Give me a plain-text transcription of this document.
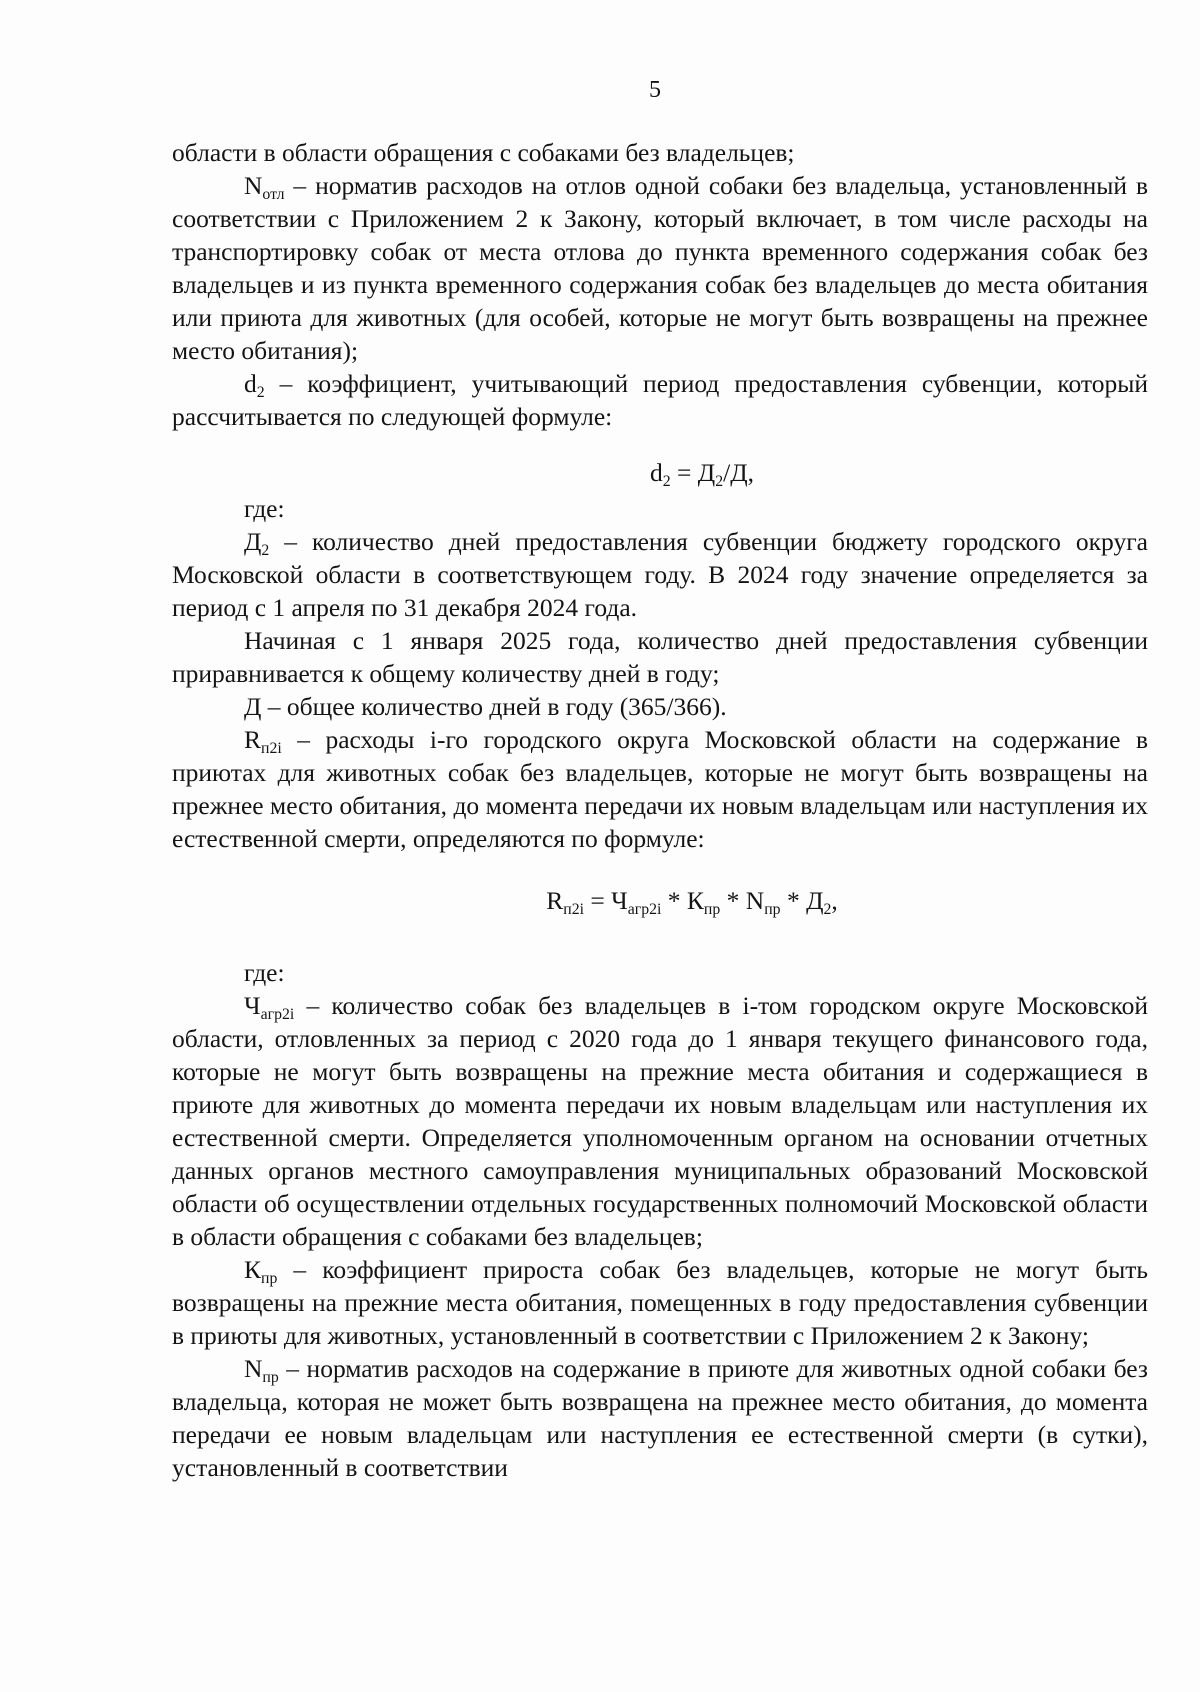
5

области в области обращения с собаками без владельцев;

$N_{отл}$ – норматив расходов на отлов одной собаки без владельца, установленный в соответствии с Приложением 2 к Закону, который включает, в том числе расходы на транспортировку собак от места отлова до пункта временного содержания собак без владельцев и из пункта временного содержания собак без владельцев до места обитания или приюта для животных (для особей, которые не могут быть возвращены на прежнее место обитания);

$d_2$ – коэффициент, учитывающий период предоставления субвенции, который рассчитывается по следующей формуле:

$d_2 = Д_2/Д$,

где:

$Д_2$ – количество дней предоставления субвенции бюджету городского округа Московской области в соответствующем году. В 2024 году значение определяется за период с 1 апреля по 31 декабря 2024 года.

Начиная с 1 января 2025 года, количество дней предоставления субвенции приравнивается к общему количеству дней в году;

Д – общее количество дней в году (365/366).

$R_{п2i}$ – расходы i-го городского округа Московской области на содержание в приютах для животных собак без владельцев, которые не могут быть возвращены на прежнее место обитания, до момента передачи их новым владельцам или наступления их естественной смерти, определяются по формуле:

$R_{п2i} = Ч_{агр2i} * К_{пр} * N_{пр} * Д_2$,

где:

$Ч_{агр2i}$ – количество собак без владельцев в i-том городском округе Московской области, отловленных за период с 2020 года до 1 января текущего финансового года, которые не могут быть возвращены на прежние места обитания и содержащиеся в приюте для животных до момента передачи их новым владельцам или наступления их естественной смерти. Определяется уполномоченным органом на основании отчетных данных органов местного самоуправления муниципальных образований Московской области об осуществлении отдельных государственных полномочий Московской области в области обращения с собаками без владельцев;

$К_{пр}$ – коэффициент прироста собак без владельцев, которые не могут быть возвращены на прежние места обитания, помещенных в году предоставления субвенции в приюты для животных, установленный в соответствии с Приложением 2 к Закону;

$N_{пр}$ – норматив расходов на содержание в приюте для животных одной собаки без владельца, которая не может быть возвращена на прежнее место обитания, до момента передачи ее новым владельцам или наступления ее естественной смерти (в сутки), установленный в соответствии
